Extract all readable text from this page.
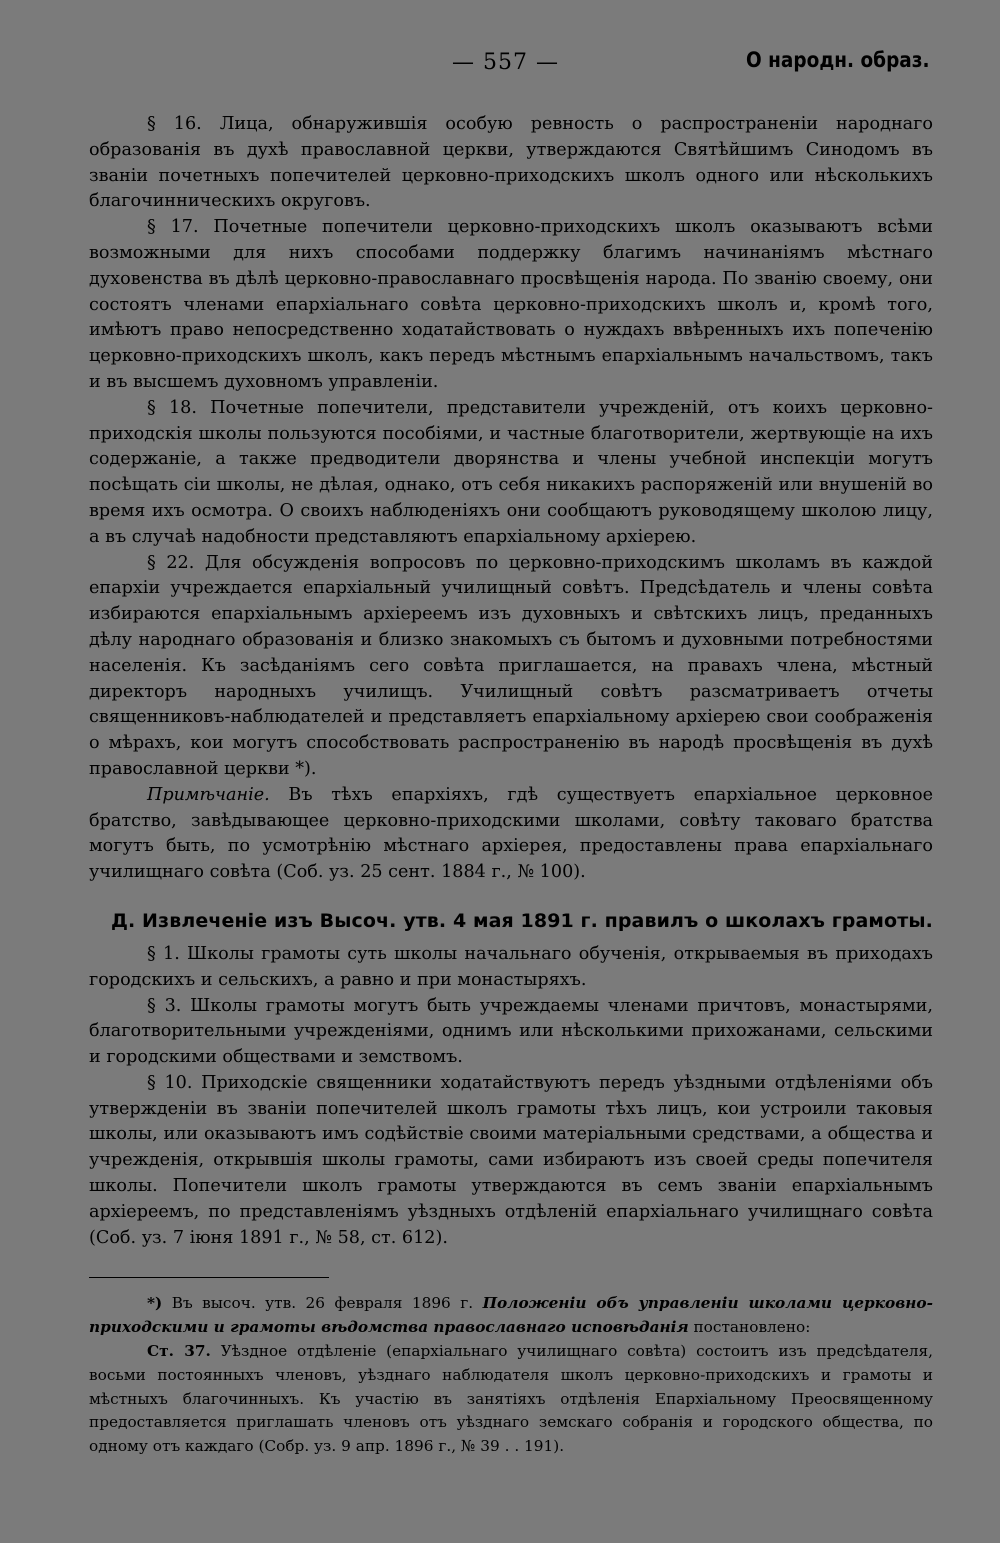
— 557 —	О народн. образ.

§ 16. Лица, обнаружившія особую ревность о распространеніи народнаго образованія въ духѣ православной церкви, утверждаются Святѣйшимъ Синодомъ въ званіи почетныхъ попечителей церковно-приходскихъ школъ одного или нѣсколькихъ благочинническихъ округовъ.

§ 17. Почетные попечители церковно-приходскихъ школъ оказываютъ всѣми возможными для нихъ способами поддержку благимъ начинаніямъ мѣстнаго духовенства въ дѣлѣ церковно-православнаго просвѣщенія народа. По званію своему, они состоятъ членами епархіальнаго совѣта церковно-приходскихъ школъ и, кромѣ того, имѣютъ право непосредственно ходатайствовать о нуждахъ ввѣренныхъ ихъ попеченію церковно-приходскихъ школъ, какъ передъ мѣстнымъ епархіальнымъ начальствомъ, такъ и въ высшемъ духовномъ управленіи.

§ 18. Почетные попечители, представители учрежденій, отъ коихъ церковно-приходскія школы пользуются пособіями, и частные благотворители, жертвующіе на ихъ содержаніе, а также предводители дворянства и члены учебной инспекціи могутъ посѣщать сіи школы, не дѣлая, однако, отъ себя никакихъ распоряженій или внушеній во время ихъ осмотра. О своихъ наблюденіяхъ они сообщаютъ руководящему школою лицу, а въ случаѣ надобности представляютъ епархіальному архіерею.

§ 22. Для обсужденія вопросовъ по церковно-приходскимъ школамъ въ каждой епархіи учреждается епархіальный училищный совѣтъ. Предсѣдатель и члены совѣта избираются епархіальнымъ архіереемъ изъ духовныхъ и свѣтскихъ лицъ, преданныхъ дѣлу народнаго образованія и близко знакомыхъ съ бытомъ и духовными потребностями населенія. Къ засѣданіямъ сего совѣта приглашается, на правахъ члена, мѣстный директоръ народныхъ училищъ. Училищный совѣтъ разсматриваетъ отчеты священниковъ-наблюдателей и представляетъ епархіальному архіерею свои соображенія о мѣрахъ, кои могутъ способствовать распространенію въ народѣ просвѣщенія въ духѣ православной церкви *).

Примѣчаніе. Въ тѣхъ епархіяхъ, гдѣ существуетъ епархіальное церковное братство, завѣдывающее церковно-приходскими школами, совѣту таковаго братства могутъ быть, по усмотрѣнію мѣстнаго архіерея, предоставлены права епархіальнаго училищнаго совѣта (Соб. уз. 25 сент. 1884 г., № 100).

Д. Извлеченіе изъ Высоч. утв. 4 мая 1891 г. правилъ о школахъ грамоты.

§ 1. Школы грамоты суть школы начальнаго обученія, открываемыя въ приходахъ городскихъ и сельскихъ, а равно и при монастыряхъ.

§ 3. Школы грамоты могутъ быть учреждаемы членами причтовъ, монастырями, благотворительными учрежденіями, однимъ или нѣсколькими прихожанами, сельскими и городскими обществами и земствомъ.

§ 10. Приходскіе священники ходатайствуютъ передъ уѣздными отдѣленіями объ утвержденіи въ званіи попечителей школъ грамоты тѣхъ лицъ, кои устроили таковыя школы, или оказываютъ имъ содѣйствіе своими матеріальными средствами, а общества и учрежденія, открывшія школы грамоты, сами избираютъ изъ своей среды попечителя школы. Попечители школъ грамоты утверждаются въ семъ званіи епархіальнымъ архіереемъ, по представленіямъ уѣздныхъ отдѣленій епархіальнаго училищнаго совѣта (Соб. уз. 7 іюня 1891 г., № 58, ст. 612).

*) Въ высоч. утв. 26 февраля 1896 г. Положеніи объ управленіи школами церковно-приходскими и грамоты вѣдомства православнаго исповѣданія постановлено:

Ст. 37. Уѣздное отдѣленіе (епархіальнаго училищнаго совѣта) состоитъ изъ предсѣдателя, восьми постоянныхъ членовъ, уѣзднаго наблюдателя школъ церковно-приходскихъ и грамоты и мѣстныхъ благочинныхъ. Къ участію въ занятіяхъ отдѣленія Епархіальному Преосвященному предоставляется приглашать членовъ отъ уѣзднаго земскаго собранія и городского общества, по одному отъ каждаго (Собр. уз. 9 апр. 1896 г., № 39 . . 191).
